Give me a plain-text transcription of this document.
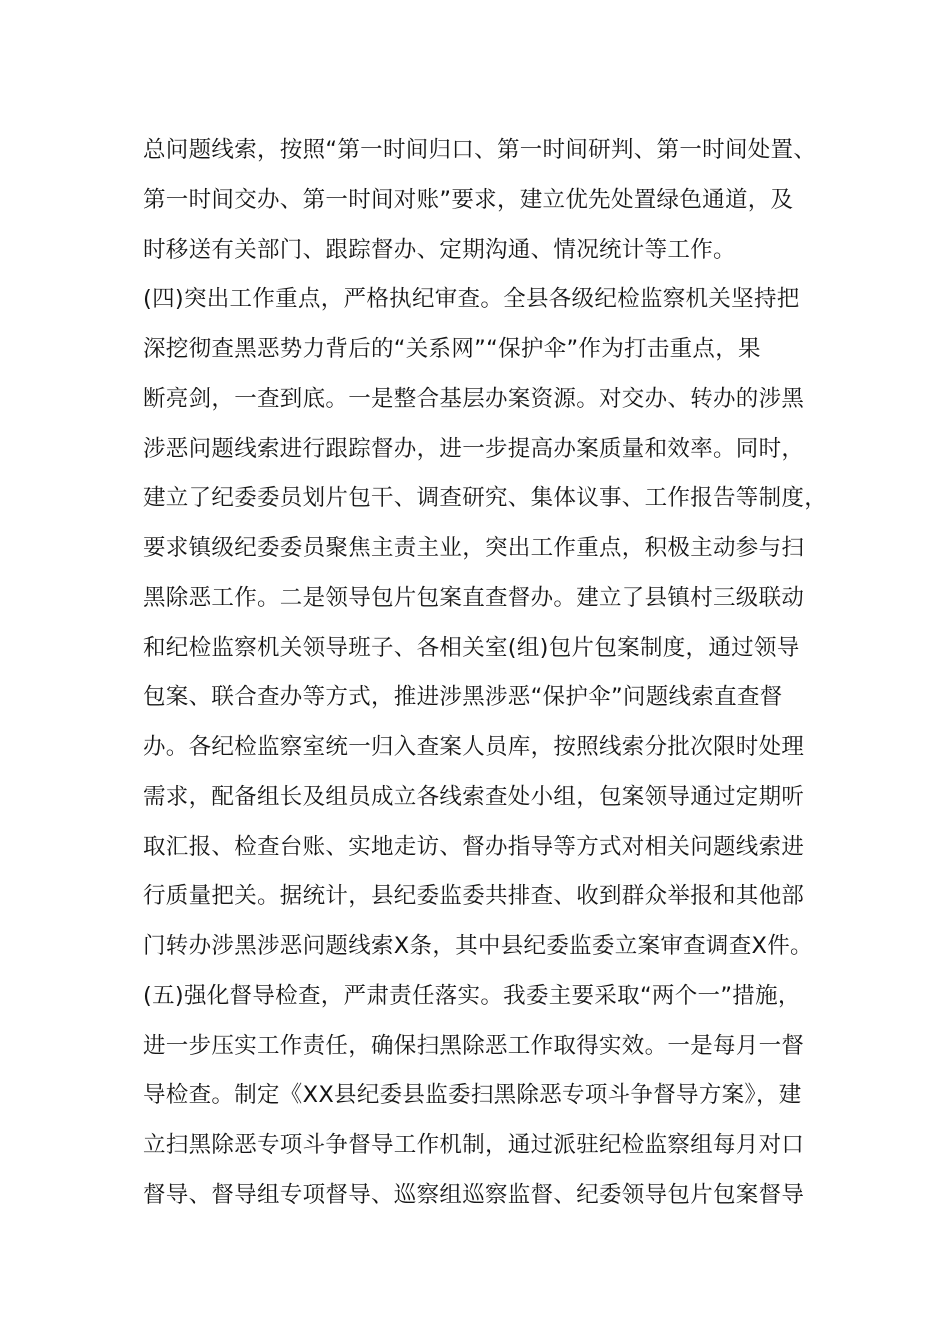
总问题线索，按照“第一时间归口、第一时间研判、第一时间处置、
第一时间交办、第一时间对账”要求，建立优先处置绿色通道，及
时移送有关部门、跟踪督办、定期沟通、情况统计等工作。
(四)突出工作重点，严格执纪审查。全县各级纪检监察机关坚持把
深挖彻查黑恶势力背后的“关系网”“保护伞”作为打击重点，果
断亮剑，一查到底。一是整合基层办案资源。对交办、转办的涉黑
涉恶问题线索进行跟踪督办，进一步提高办案质量和效率。同时，
建立了纪委委员划片包干、调查研究、集体议事、工作报告等制度，
要求镇级纪委委员聚焦主责主业，突出工作重点，积极主动参与扫
黑除恶工作。二是领导包片包案直查督办。建立了县镇村三级联动
和纪检监察机关领导班子、各相关室(组)包片包案制度，通过领导
包案、联合查办等方式，推进涉黑涉恶“保护伞”问题线索直查督
办。各纪检监察室统一归入查案人员库，按照线索分批次限时处理
需求，配备组长及组员成立各线索查处小组，包案领导通过定期听
取汇报、检查台账、实地走访、督办指导等方式对相关问题线索进
行质量把关。据统计，县纪委监委共排查、收到群众举报和其他部
门转办涉黑涉恶问题线索X条，其中县纪委监委立案审查调查X件。
(五)强化督导检查，严肃责任落实。我委主要采取“两个一”措施，
进一步压实工作责任，确保扫黑除恶工作取得实效。一是每月一督
导检查。制定《XX县纪委县监委扫黑除恶专项斗争督导方案》，建
立扫黑除恶专项斗争督导工作机制，通过派驻纪检监察组每月对口
督导、督导组专项督导、巡察组巡察监督、纪委领导包片包案督导
